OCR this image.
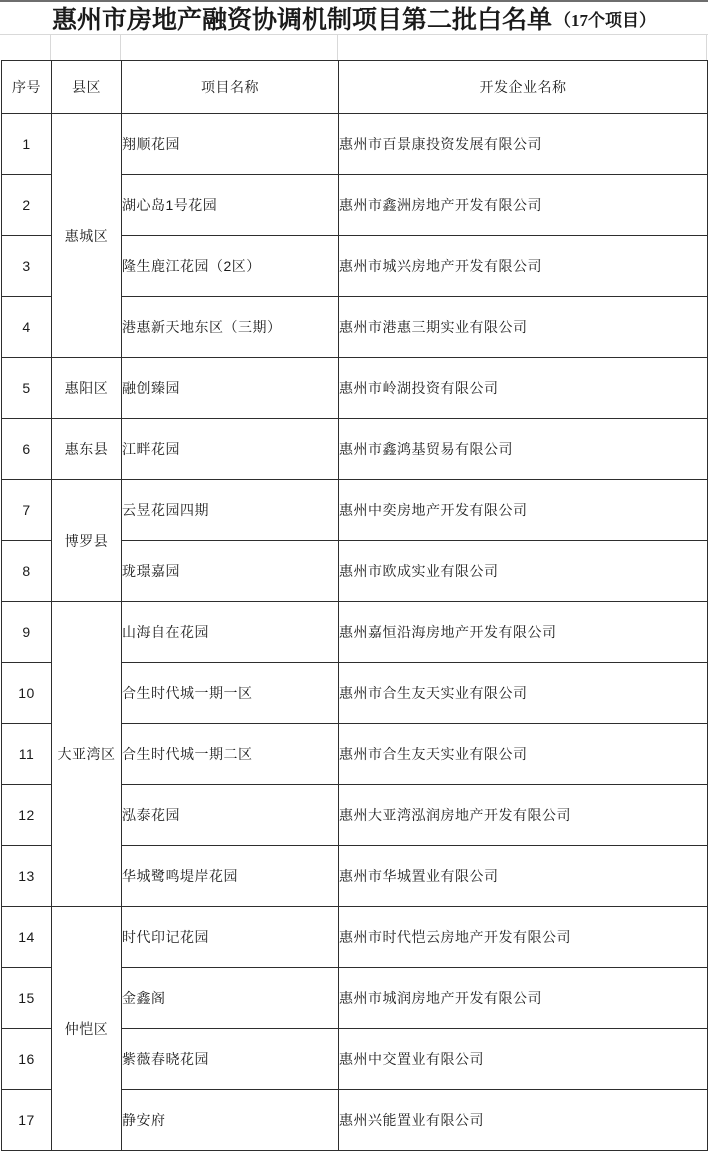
惠州市房地产融资协调机制项目第二批白名单 （17个项目）
序号	县区	项目名称	开发企业名称
1	惠城区	翔顺花园	惠州市百景康投资发展有限公司
2		湖心岛1号花园	惠州市鑫洲房地产开发有限公司
3		隆生鹿江花园（2区）	惠州市城兴房地产开发有限公司
4		港惠新天地东区（三期）	惠州市港惠三期实业有限公司
5	惠阳区	融创臻园	惠州市岭湖投资有限公司
6	惠东县	江畔花园	惠州市鑫鸿基贸易有限公司
7	博罗县	云昱花园四期	惠州中奕房地产开发有限公司
8		珑璟嘉园	惠州市欧成实业有限公司
9	大亚湾区	山海自在花园	惠州嘉恒沿海房地产开发有限公司
10		合生时代城一期一区	惠州市合生友天实业有限公司
11		合生时代城一期二区	惠州市合生友天实业有限公司
12		泓泰花园	惠州大亚湾泓润房地产开发有限公司
13		华城鹭鸣堤岸花园	惠州市华城置业有限公司
14	仲恺区	时代印记花园	惠州市时代恺云房地产开发有限公司
15		金鑫阁	惠州市城润房地产开发有限公司
16		紫薇春晓花园	惠州中交置业有限公司
17		静安府	惠州兴能置业有限公司
